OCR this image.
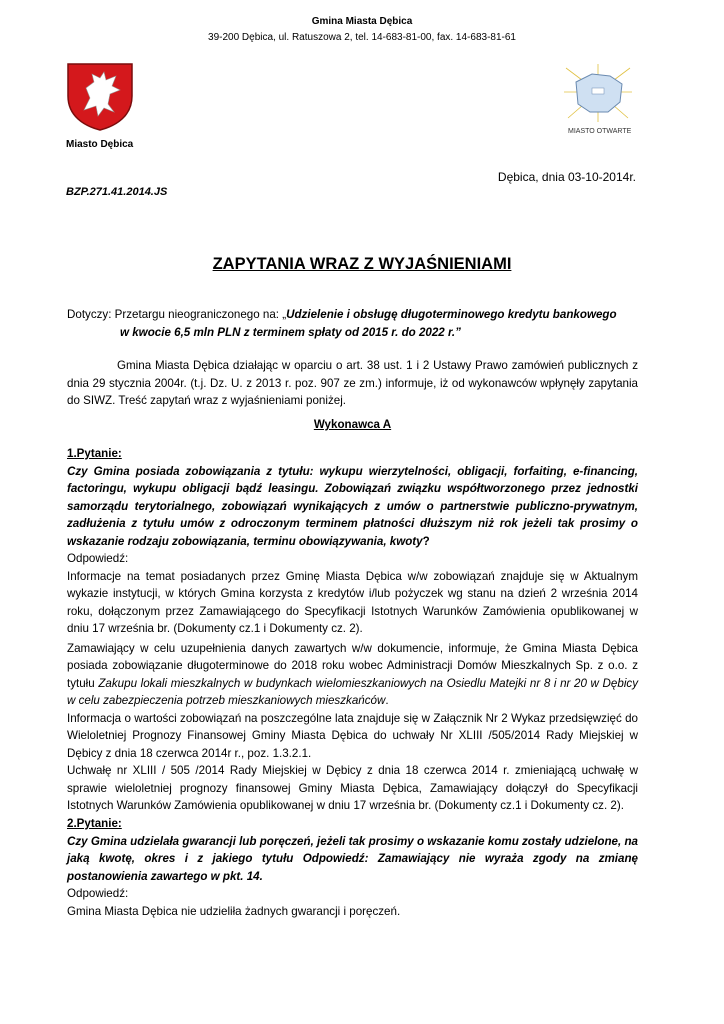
Gmina Miasta Dębica
39-200 Dębica, ul. Ratuszowa 2, tel. 14-683-81-00, fax. 14-683-81-61
Miasto Dębica
MIASTO OTWARTE
Dębica, dnia 03-10-2014r.
BZP.271.41.2014.JS
ZAPYTANIA WRAZ Z WYJAŚNIENIAMI

Dotyczy: Przetargu nieograniczonego na: „Udzielenie i obsługę długoterminowego kredytu bankowego

w kwocie 6,5 mln PLN z terminem spłaty od 2015 r. do 2022 r.”

Gmina Miasta Dębica działając w oparciu o art. 38 ust. 1 i 2 Ustawy Prawo zamówień publicznych z dnia 29 stycznia 2004r. (t.j. Dz. U. z 2013 r. poz. 907 ze zm.) informuje, iż od wykonawców wpłynęły zapytania do SIWZ. Treść zapytań wraz z wyjaśnieniami poniżej.
Wykonawca A

1.Pytanie:

Czy Gmina posiada zobowiązania z tytułu: wykupu wierzytelności, obligacji, forfaiting, e-financing, factoringu, wykupu obligacji bądź leasingu. Zobowiązań związku współtworzonego przez jednostki samorządu terytorialnego, zobowiązań wynikających z umów o partnerstwie publiczno-prywatnym, zadłużenia z tytułu umów z odroczonym terminem płatności dłuższym niż rok jeżeli tak prosimy o wskazanie rodzaju zobowiązania, terminu obowiązywania, kwoty?

Odpowiedź:

Informacje na temat posiadanych przez Gminę Miasta Dębica w/w zobowiązań znajduje się w Aktualnym wykazie instytucji, w których Gmina korzysta z kredytów i/lub pożyczek wg stanu na dzień 2 września 2014 roku, dołączonym przez Zamawiającego do Specyfikacji Istotnych Warunków Zamówienia opublikowanej w dniu 17 września br. (Dokumenty cz.1 i Dokumenty cz. 2).

Zamawiający w celu uzupełnienia danych zawartych w/w dokumencie, informuje, że Gmina Miasta Dębica posiada zobowiązanie długoterminowe do 2018 roku wobec Administracji Domów Mieszkalnych Sp. z o.o. z tytułu Zakupu lokali mieszkalnych w budynkach wielomieszkaniowych na Osiedlu Matejki nr 8 i nr 20 w Dębicy w celu zabezpieczenia potrzeb mieszkaniowych mieszkańców.

Informacja o wartości zobowiązań na poszczególne lata znajduje się w Załącznik Nr 2 Wykaz przedsięwzięć do Wieloletniej Prognozy Finansowej Gminy Miasta Dębica do uchwały Nr XLIII /505/2014 Rady Miejskiej w Dębicy z dnia 18 czerwca 2014r r., poz. 1.3.2.1.

Uchwałę nr XLIII / 505 /2014 Rady Miejskiej w Dębicy z dnia 18 czerwca 2014 r. zmieniającą uchwałę w sprawie wieloletniej prognozy finansowej Gminy Miasta Dębica, Zamawiający dołączył do Specyfikacji Istotnych Warunków Zamówienia opublikowanej w dniu 17 września br. (Dokumenty cz.1 i Dokumenty cz. 2).

2.Pytanie:

Czy Gmina udzielała gwarancji lub poręczeń, jeżeli tak prosimy o wskazanie komu zostały udzielone, na jaką kwotę, okres i z jakiego tytułu Odpowiedź: Zamawiający nie wyraża zgody na zmianę postanowienia zawartego w pkt. 14.

Odpowiedź:

Gmina Miasta Dębica nie udzieliła żadnych gwarancji i poręczeń.
